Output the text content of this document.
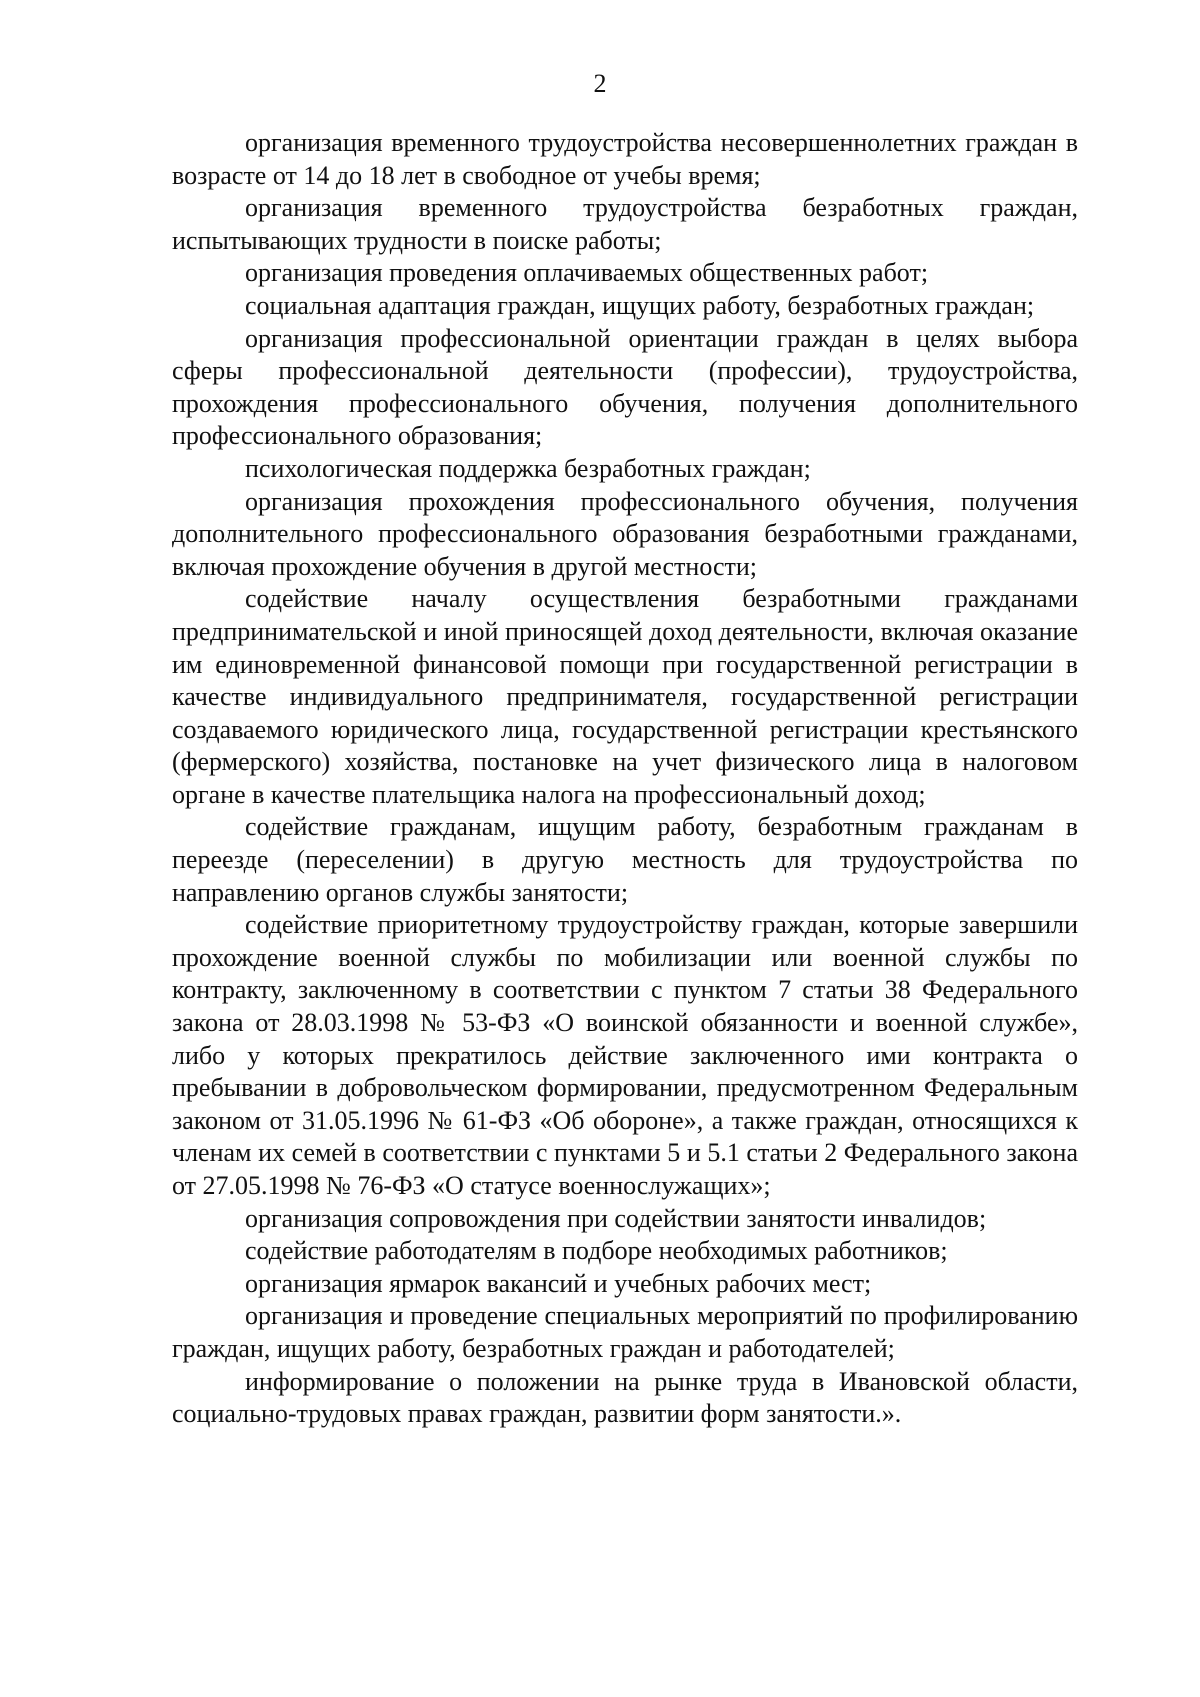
2

организация временного трудоустройства несовершеннолетних граждан в возрасте от 14 до 18 лет в свободное от учебы время;

организация временного трудоустройства безработных граждан, испытывающих трудности в поиске работы;

организация проведения оплачиваемых общественных работ;

социальная адаптация граждан, ищущих работу, безработных граждан;

организация профессиональной ориентации граждан в целях выбора сферы профессиональной деятельности (профессии), трудоустройства, прохождения профессионального обучения, получения дополнительного профессионального образования;

психологическая поддержка безработных граждан;

организация прохождения профессионального обучения, получения дополнительного профессионального образования безработными гражданами, включая прохождение обучения в другой местности;

содействие началу осуществления безработными гражданами предпринимательской и иной приносящей доход деятельности, включая оказание им единовременной финансовой помощи при государственной регистрации в качестве индивидуального предпринимателя, государственной регистрации создаваемого юридического лица, государственной регистрации крестьянского (фермерского) хозяйства, постановке на учет физического лица в налоговом органе в качестве плательщика налога на профессиональный доход;

содействие гражданам, ищущим работу, безработным гражданам в переезде (переселении) в другую местность для трудоустройства по направлению органов службы занятости;

содействие приоритетному трудоустройству граждан, которые завершили прохождение военной службы по мобилизации или военной службы по контракту, заключенному в соответствии с пунктом 7 статьи 38 Федерального закона от 28.03.1998 № 53-ФЗ «О воинской обязанности и военной службе», либо у которых прекратилось действие заключенного ими контракта о пребывании в добровольческом формировании, предусмотренном Федеральным законом от 31.05.1996 № 61-ФЗ «Об обороне», а также граждан, относящихся к членам их семей в соответствии с пунктами 5 и 5.1 статьи 2 Федерального закона от 27.05.1998 № 76-ФЗ «О статусе военнослужащих»;

организация сопровождения при содействии занятости инвалидов;

содействие работодателям в подборе необходимых работников;

организация ярмарок вакансий и учебных рабочих мест;

организация и проведение специальных мероприятий по профилированию граждан, ищущих работу, безработных граждан и работодателей;

информирование о положении на рынке труда в Ивановской области, социально-трудовых правах граждан, развитии форм занятости.».
